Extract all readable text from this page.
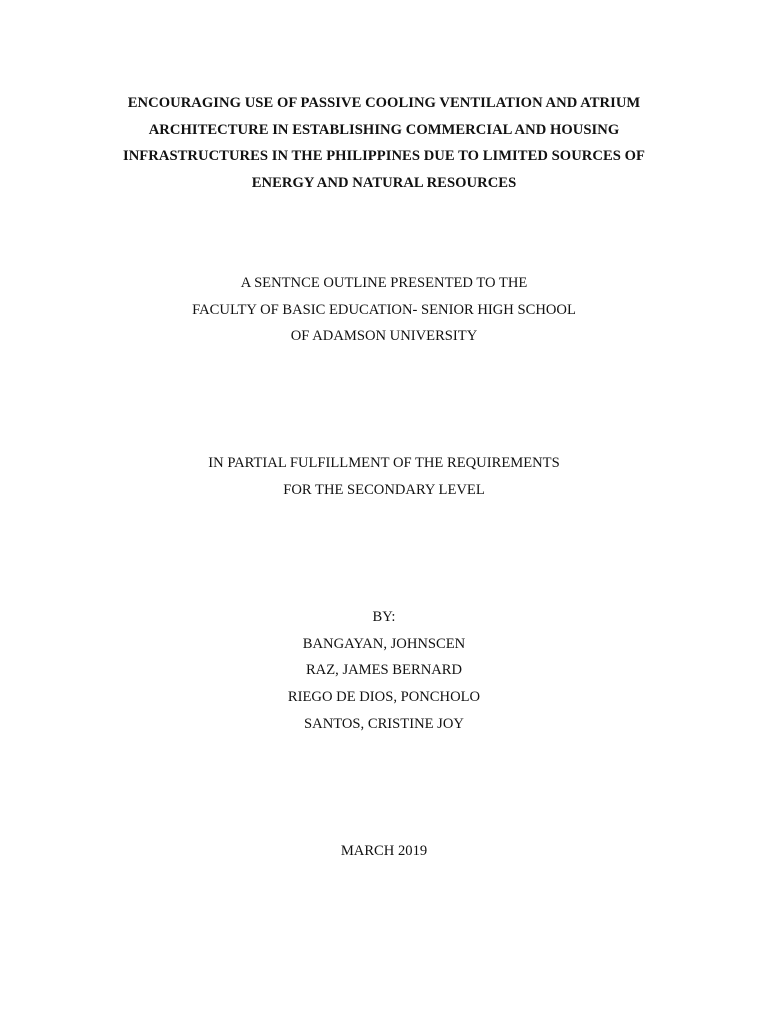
ENCOURAGING USE OF PASSIVE COOLING VENTILATION AND ATRIUM
ARCHITECTURE IN ESTABLISHING COMMERCIAL AND HOUSING
INFRASTRUCTURES IN THE PHILIPPINES DUE TO LIMITED SOURCES OF
ENERGY AND NATURAL RESOURCES
A SENTNCE OUTLINE PRESENTED TO THE
FACULTY OF BASIC EDUCATION- SENIOR HIGH SCHOOL
OF ADAMSON UNIVERSITY
IN PARTIAL FULFILLMENT OF THE REQUIREMENTS
FOR THE SECONDARY LEVEL
BY:
BANGAYAN, JOHNSCEN
RAZ, JAMES BERNARD
RIEGO DE DIOS, PONCHOLO
SANTOS, CRISTINE JOY
MARCH 2019
